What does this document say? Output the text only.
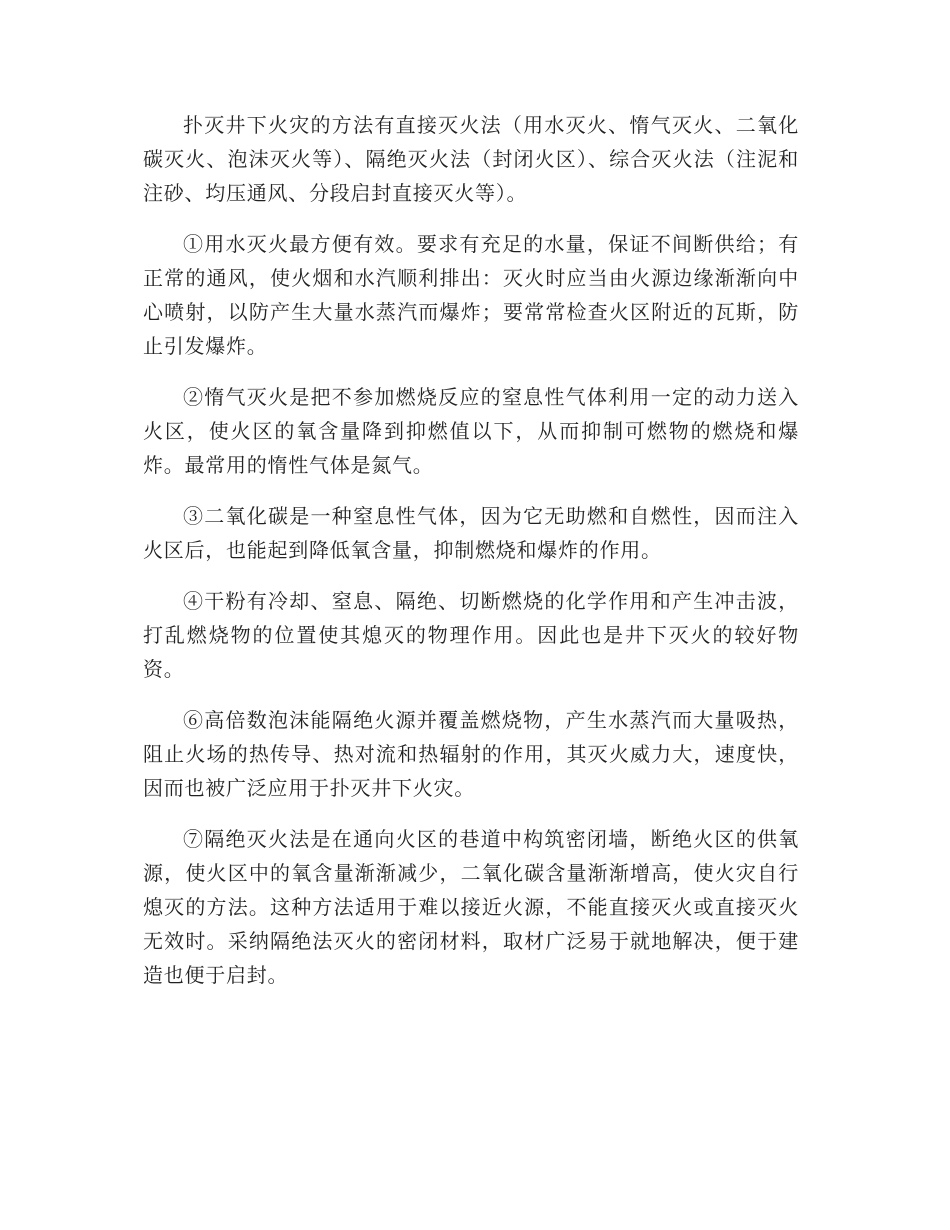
扑灭井下火灾的方法有直接灭火法（用水灭火、惰气灭火、二氧化碳灭火、泡沫灭火等）、隔绝灭火法（封闭火区）、综合灭火法（注泥和注砂、均压通风、分段启封直接灭火等）。

①用水灭火最方便有效。要求有充足的水量，保证不间断供给；有正常的通风，使火烟和水汽顺利排出：灭火时应当由火源边缘渐渐向中心喷射，以防产生大量水蒸汽而爆炸；要常常检查火区附近的瓦斯，防止引发爆炸。

②惰气灭火是把不参加燃烧反应的窒息性气体利用一定的动力送入火区，使火区的氧含量降到抑燃值以下，从而抑制可燃物的燃烧和爆炸。最常用的惰性气体是氮气。

③二氧化碳是一种窒息性气体，因为它无助燃和自燃性，因而注入火区后，也能起到降低氧含量，抑制燃烧和爆炸的作用。

④干粉有冷却、窒息、隔绝、切断燃烧的化学作用和产生冲击波，打乱燃烧物的位置使其熄灭的物理作用。因此也是井下灭火的较好物资。

⑥高倍数泡沫能隔绝火源并覆盖燃烧物，产生水蒸汽而大量吸热，阻止火场的热传导、热对流和热辐射的作用，其灭火威力大，速度快，因而也被广泛应用于扑灭井下火灾。

⑦隔绝灭火法是在通向火区的巷道中构筑密闭墙，断绝火区的供氧源，使火区中的氧含量渐渐减少，二氧化碳含量渐渐增高，使火灾自行熄灭的方法。这种方法适用于难以接近火源，不能直接灭火或直接灭火无效时。采纳隔绝法灭火的密闭材料，取材广泛易于就地解决，便于建造也便于启封。
